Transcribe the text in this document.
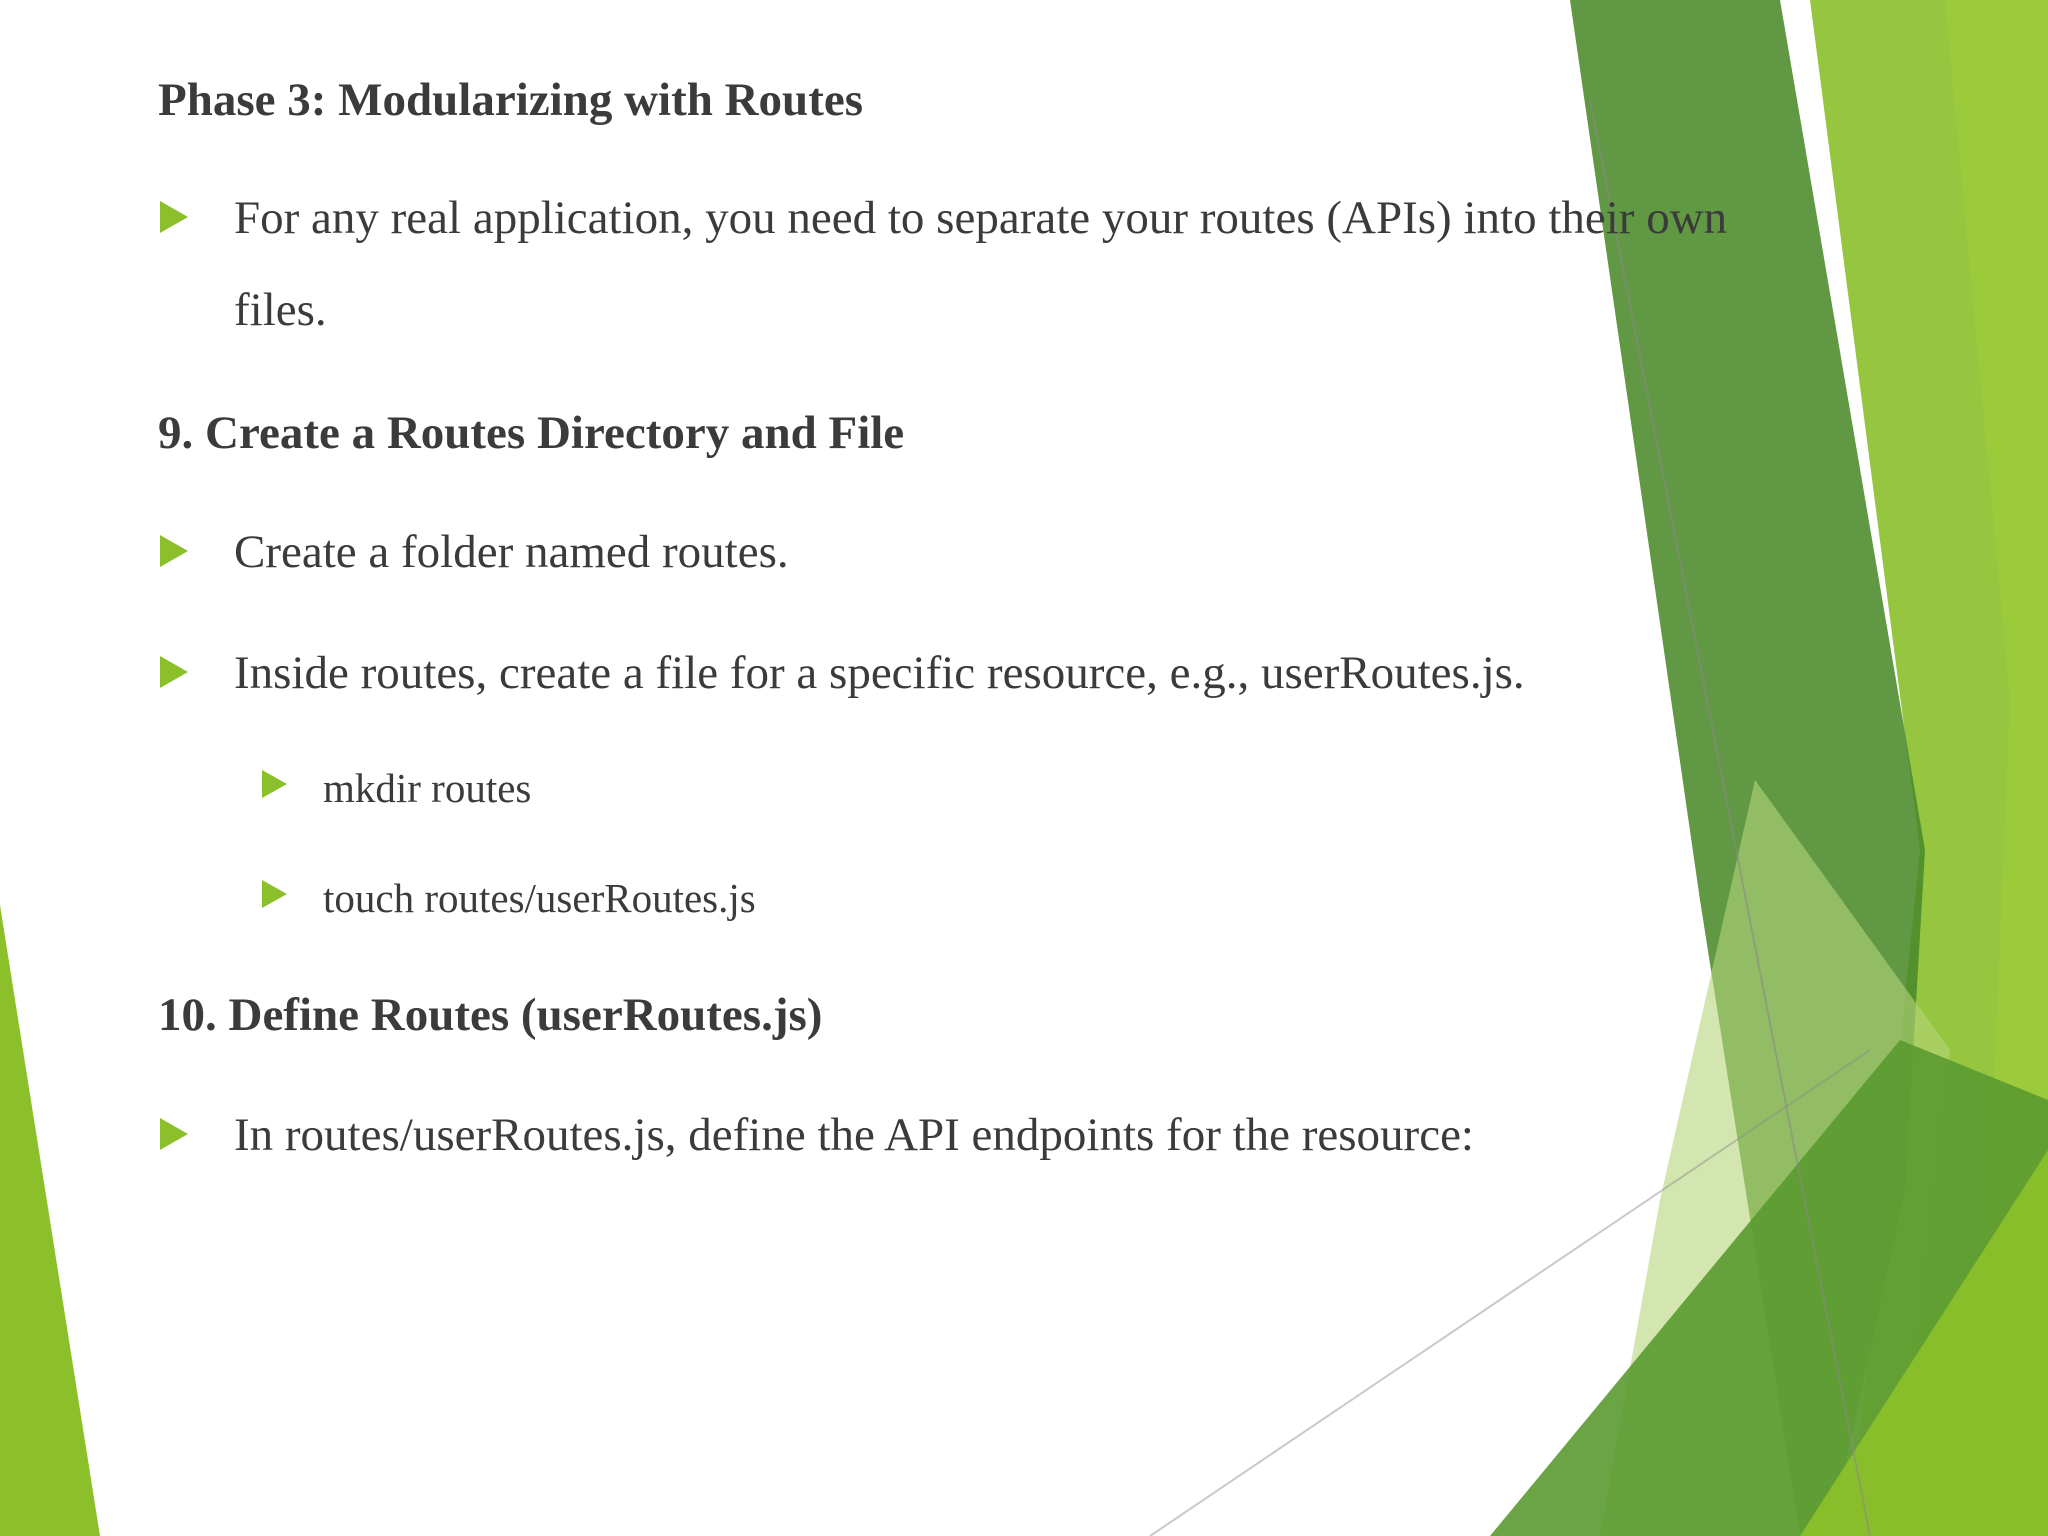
Phase 3: Modularizing with Routes
For any real application, you need to separate your routes (APIs) into their own
files.
9. Create a Routes Directory and File
Create a folder named routes.
Inside routes, create a file for a specific resource, e.g., userRoutes.js.
mkdir routes
touch routes/userRoutes.js
10. Define Routes (userRoutes.js)
In routes/userRoutes.js, define the API endpoints for the resource:
